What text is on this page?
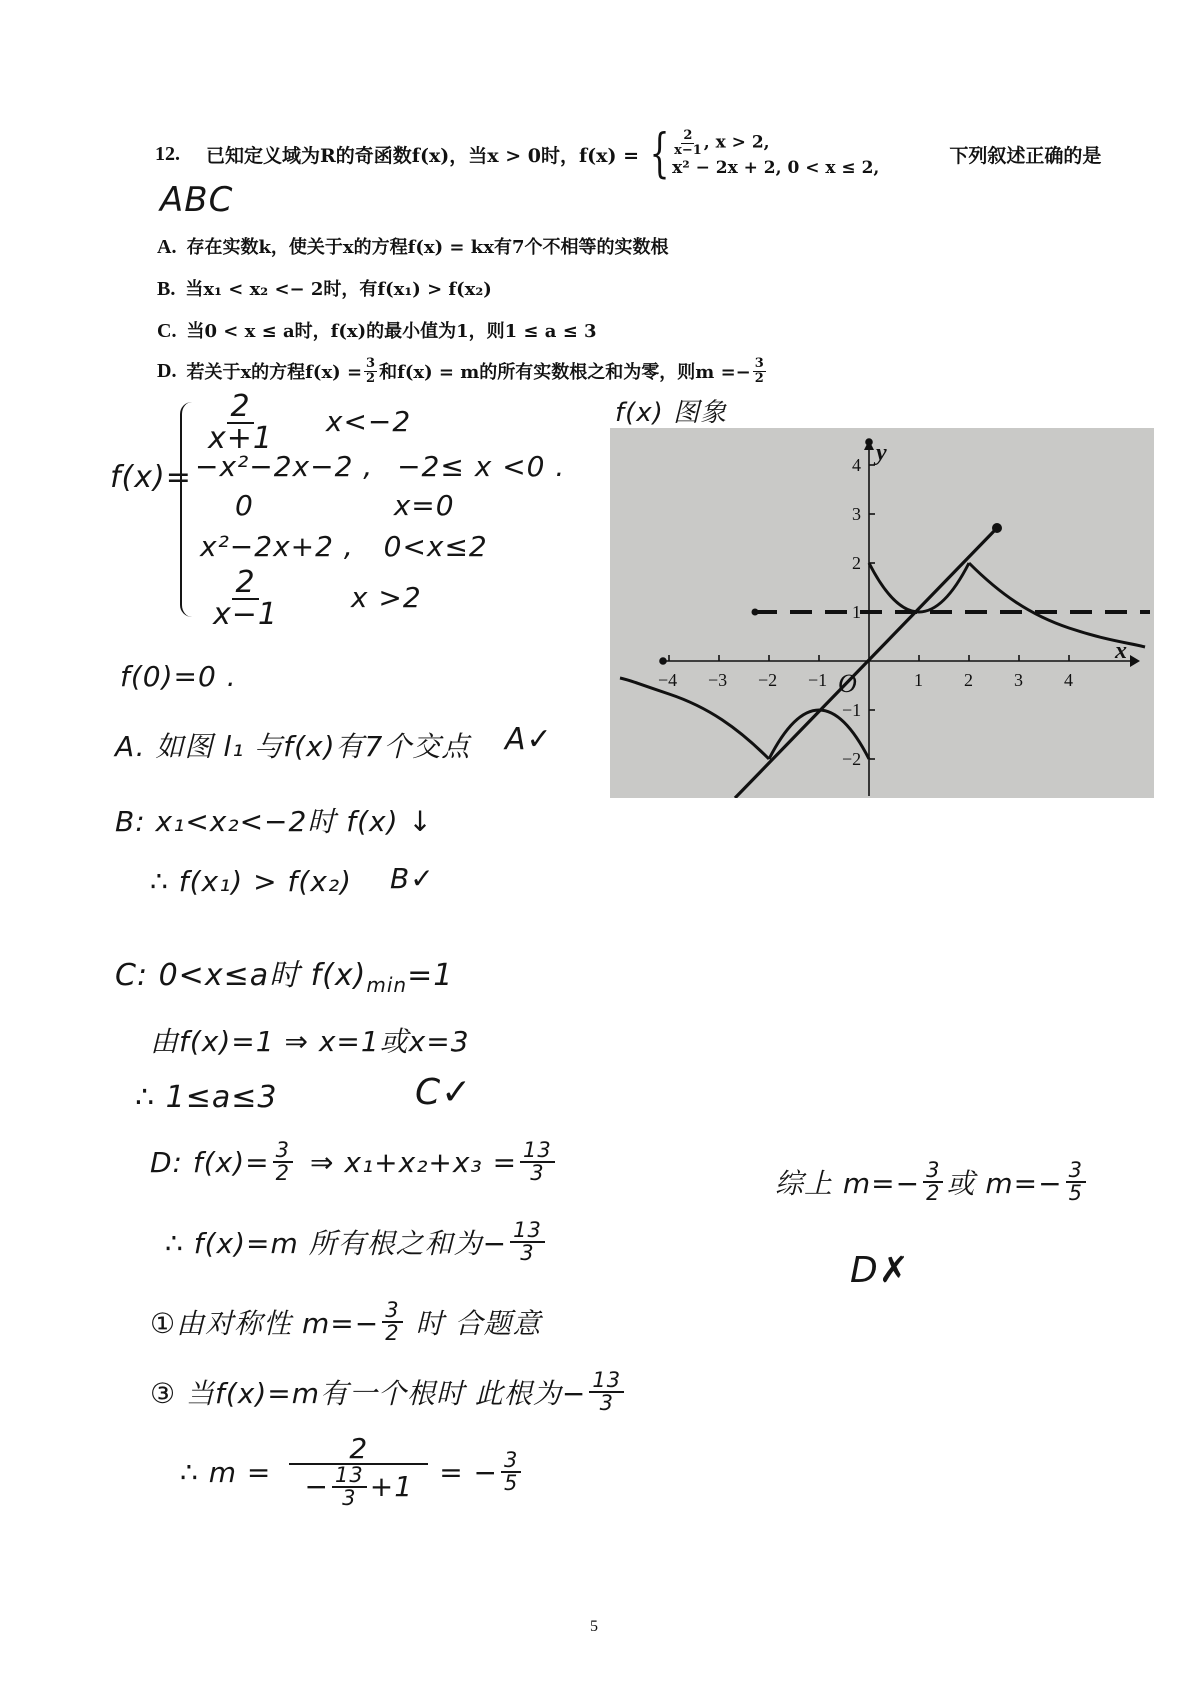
12. 已知定义域为R的奇函数f(x)，当x > 0时，f(x) = { $\frac{2}{x-1}$ , x > 2,
x² − 2x + 2, 0 < x ≤ 2,
下列叙述正确的是
ABC
A. 存在实数k，使关于x的方程f(x) = kx有7个不相等的实数根
B. 当x₁ < x₂ <− 2时，有f(x₁) > f(x₂)
C. 当0 < x ≤ a时，f(x)的最小值为1，则1 ≤ a ≤ 3
D. 若关于x的方程$f(x) = \frac{3}{2}$ 和f(x) = m的所有实数根之和为零，则$m =- \frac{3}{2}$
f(x)=
$\frac{2}{x+1} x<-2$
−x²−2x−2 , −2≤ x <0 .
0	x=0
x²−2x+2 , 0<x≤2
$\frac{2}{x-1}$	x >2
f(x) 图象
−4 −3 −2 −1	1 2 3 4
4
3
2
1
−1
−2
y
x
O
f(0)=0 .
A. 如图 l₁ 与f(x)有7个交点 A✓
B: x₁<x₂<−2时 f(x) ↓
∴ f(x₁) > f(x₂) B✓
C: 0<x≤a时 $f(x)_{min}=1$
由f(x)=1 ⇒ x=1或x=3
∴ 1≤a≤3	C✓
D: $f(x)= \frac{3}{2}$ ⇒ $x_1+x_2+x_3 = \frac{13}{3}$
∴ f(x)=m 所有根之和为− $\frac{13}{3}$
①由对称性 $m=- \frac{3}{2}$ 时 合题意
③ 当f(x)=m有一个根时 此根为− $\frac{13}{3}$
∴ $m = \frac{2}{- \frac{13}{3} +1}$ = − $\frac{3}{5}$
综上 $m=- \frac{3}{2}$ 或 $m=- \frac{3}{5}$
D✗
5
